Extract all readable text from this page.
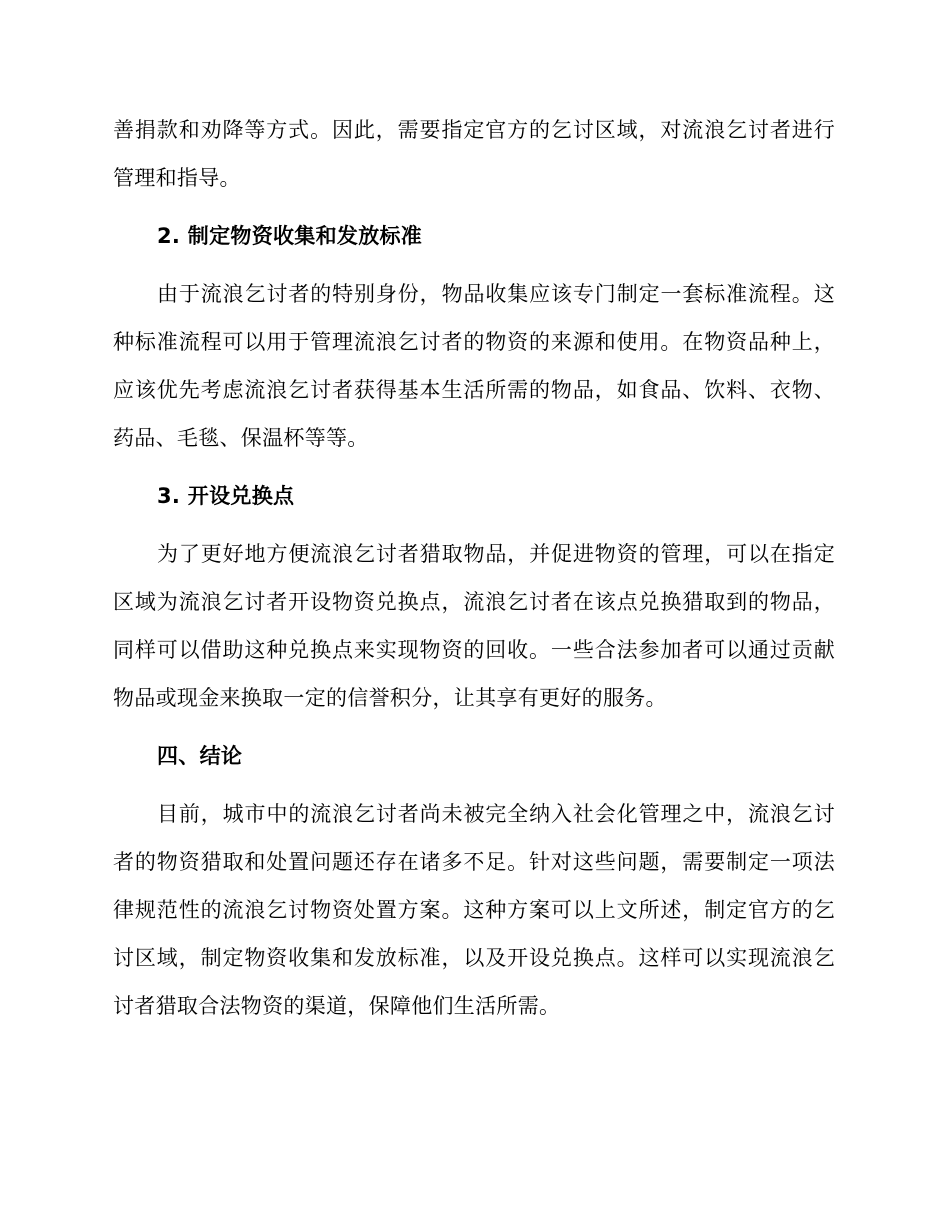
善捐款和劝降等方式。因此，需要指定官方的乞讨区域，对流浪乞讨者进行管理和指导。

2. 制定物资收集和发放标准

由于流浪乞讨者的特别身份，物品收集应该专门制定一套标准流程。这种标准流程可以用于管理流浪乞讨者的物资的来源和使用。在物资品种上，应该优先考虑流浪乞讨者获得基本生活所需的物品，如食品、饮料、衣物、药品、毛毯、保温杯等等。

3. 开设兑换点

为了更好地方便流浪乞讨者猎取物品，并促进物资的管理，可以在指定区域为流浪乞讨者开设物资兑换点，流浪乞讨者在该点兑换猎取到的物品，同样可以借助这种兑换点来实现物资的回收。一些合法参加者可以通过贡献物品或现金来换取一定的信誉积分，让其享有更好的服务。

四、结论

目前，城市中的流浪乞讨者尚未被完全纳入社会化管理之中，流浪乞讨者的物资猎取和处置问题还存在诸多不足。针对这些问题，需要制定一项法律规范性的流浪乞讨物资处置方案。这种方案可以上文所述，制定官方的乞讨区域，制定物资收集和发放标准，以及开设兑换点。这样可以实现流浪乞讨者猎取合法物资的渠道，保障他们生活所需。
